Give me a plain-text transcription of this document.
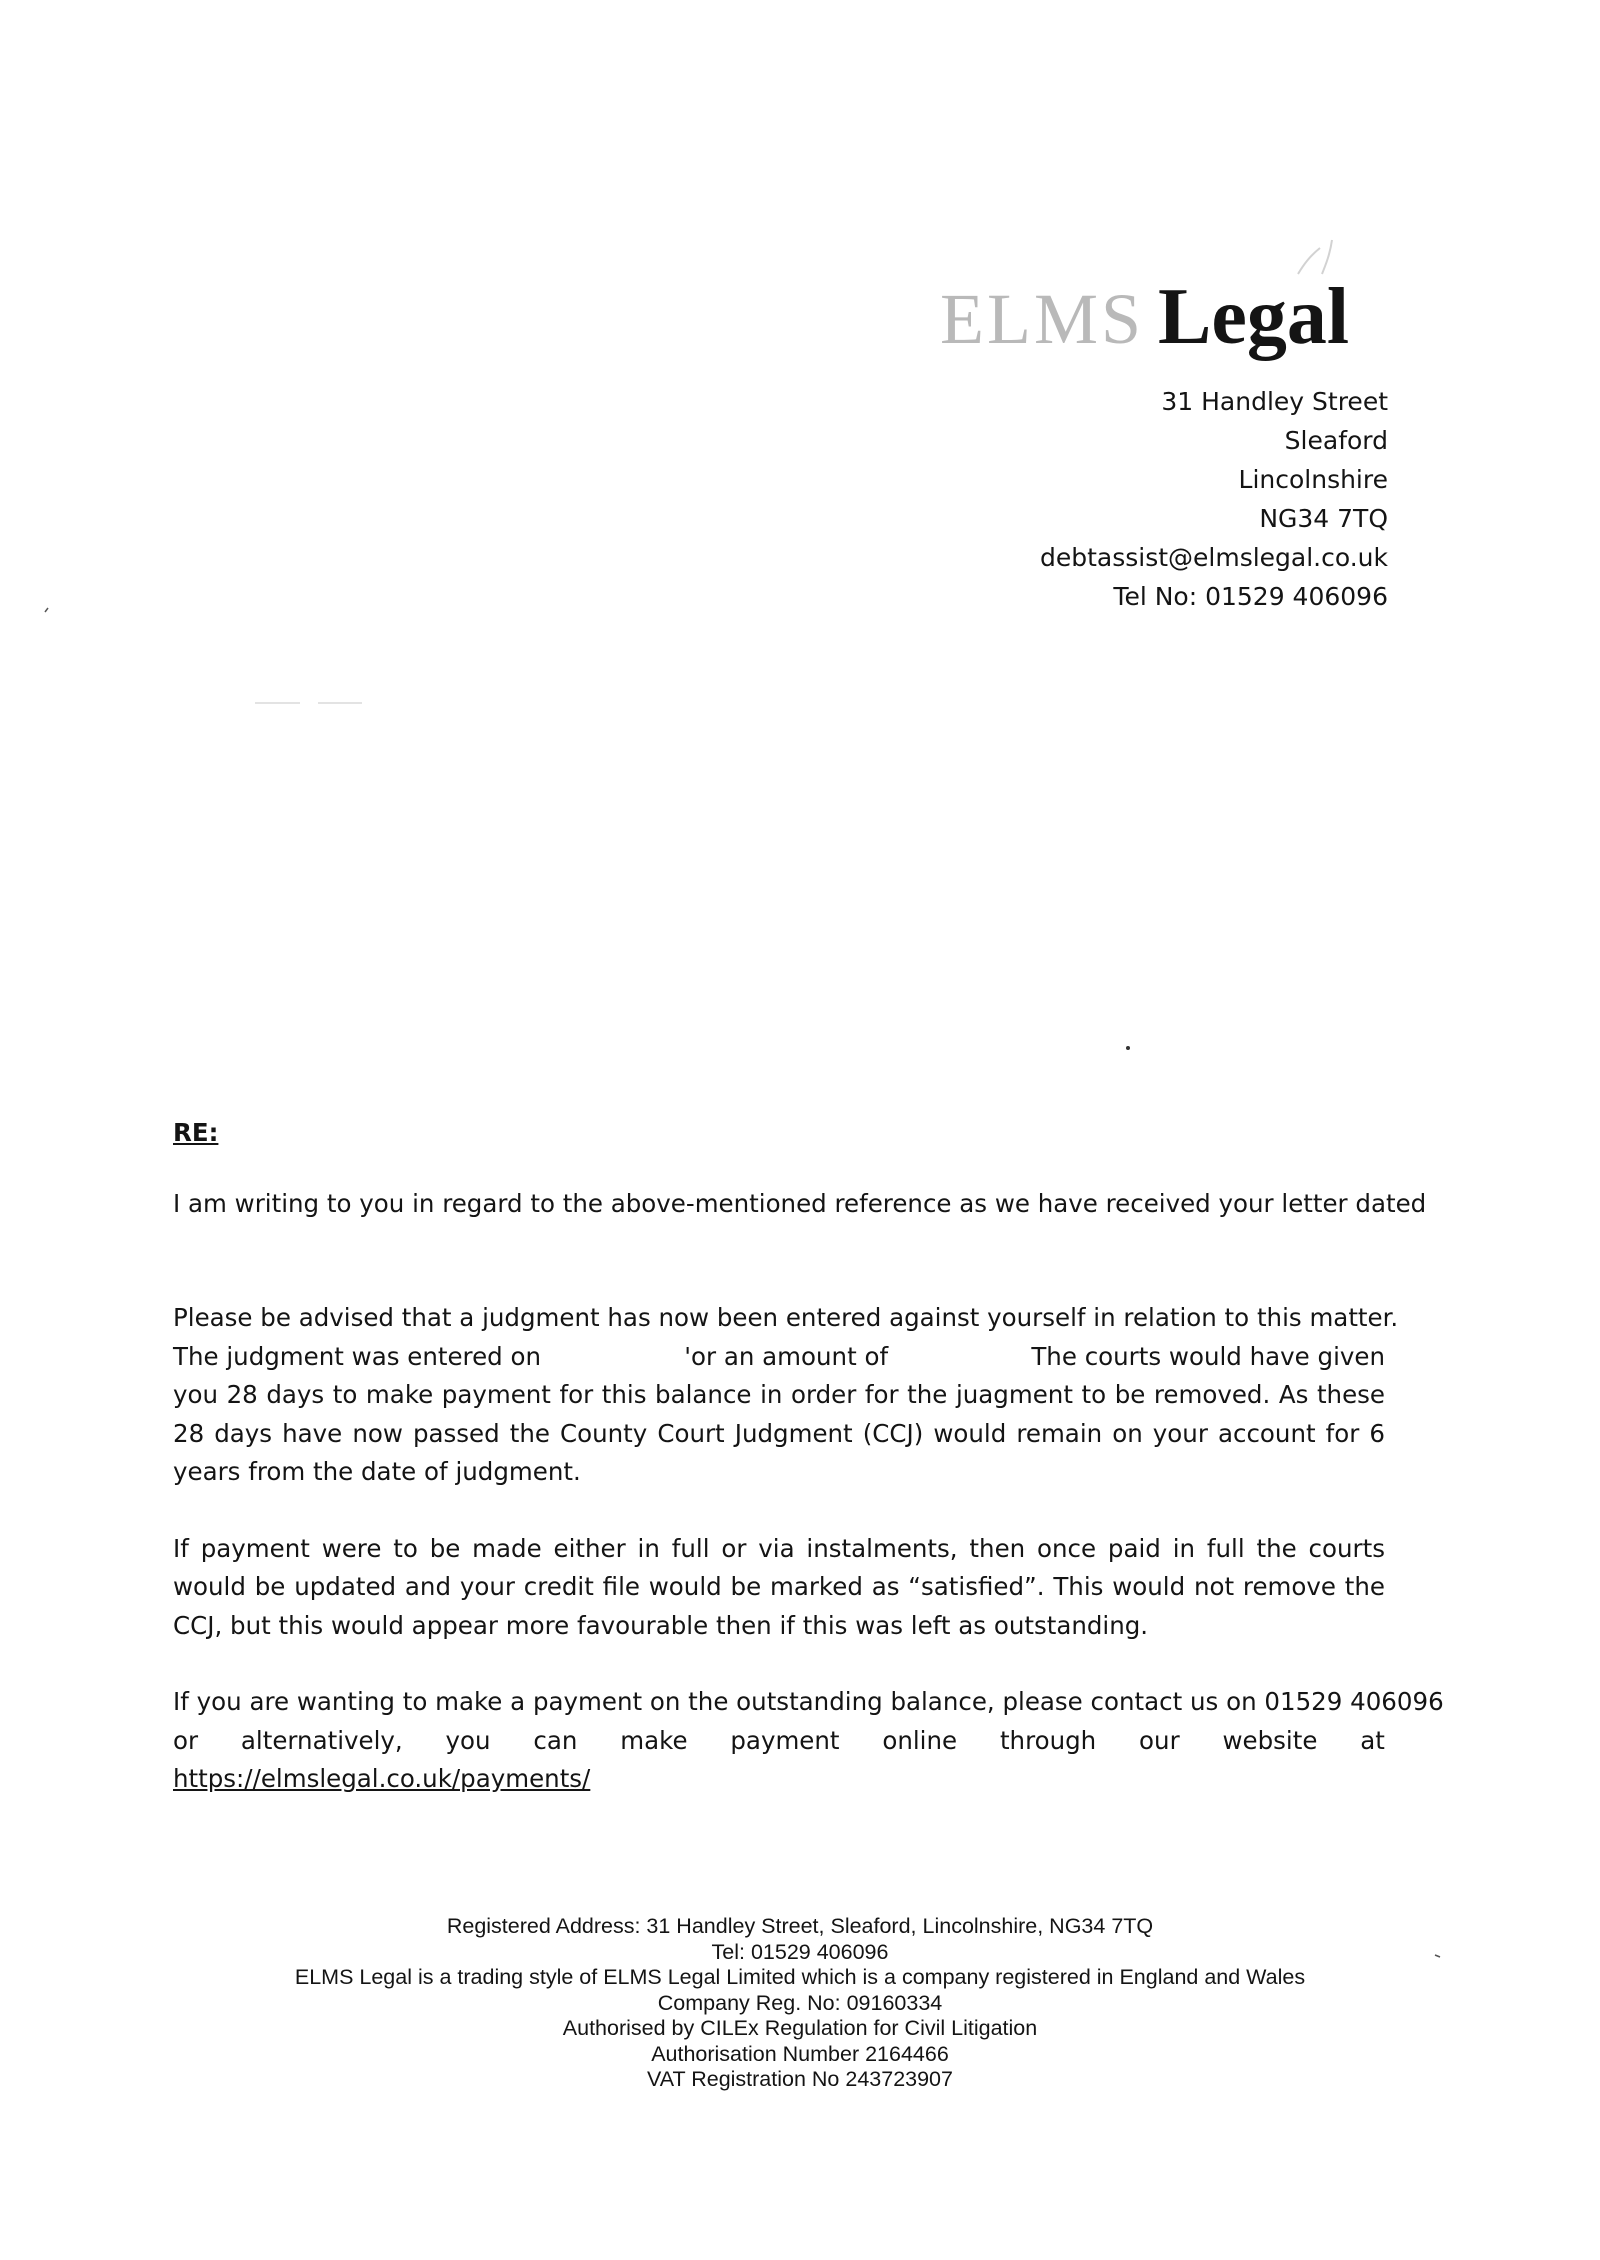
ELMS Legal
31 Handley Street
Sleaford
Lincolnshire
NG34 7TQ
debtassist@elmslegal.co.uk
Tel No: 01529 406096
RE:
I am writing to you in regard to the above-mentioned reference as we have received your letter dated
Please be advised that a judgment has now been entered against yourself in relation to this matter.
The judgment was entered on	'or an amount of	The courts would have given
you 28 days to make payment for this balance in order for the juagment to be removed. As these 28 days have now passed the County Court Judgment (CCJ) would remain on your account for 6 years from the date of judgment.
If payment were to be made either in full or via instalments, then once paid in full the courts would be updated and your credit file would be marked as “satisfied”. This would not remove the CCJ, but this would appear more favourable then if this was left as outstanding.
If you are wanting to make a payment on the outstanding balance, please contact us on 01529 406096
or alternatively, you can make payment online through our website at
https://elmslegal.co.uk/payments/
Registered Address: 31 Handley Street, Sleaford, Lincolnshire, NG34 7TQ
Tel: 01529 406096
ELMS Legal is a trading style of ELMS Legal Limited which is a company registered in England and Wales
Company Reg. No: 09160334
Authorised by CILEx Regulation for Civil Litigation
Authorisation Number 2164466
VAT Registration No 243723907
